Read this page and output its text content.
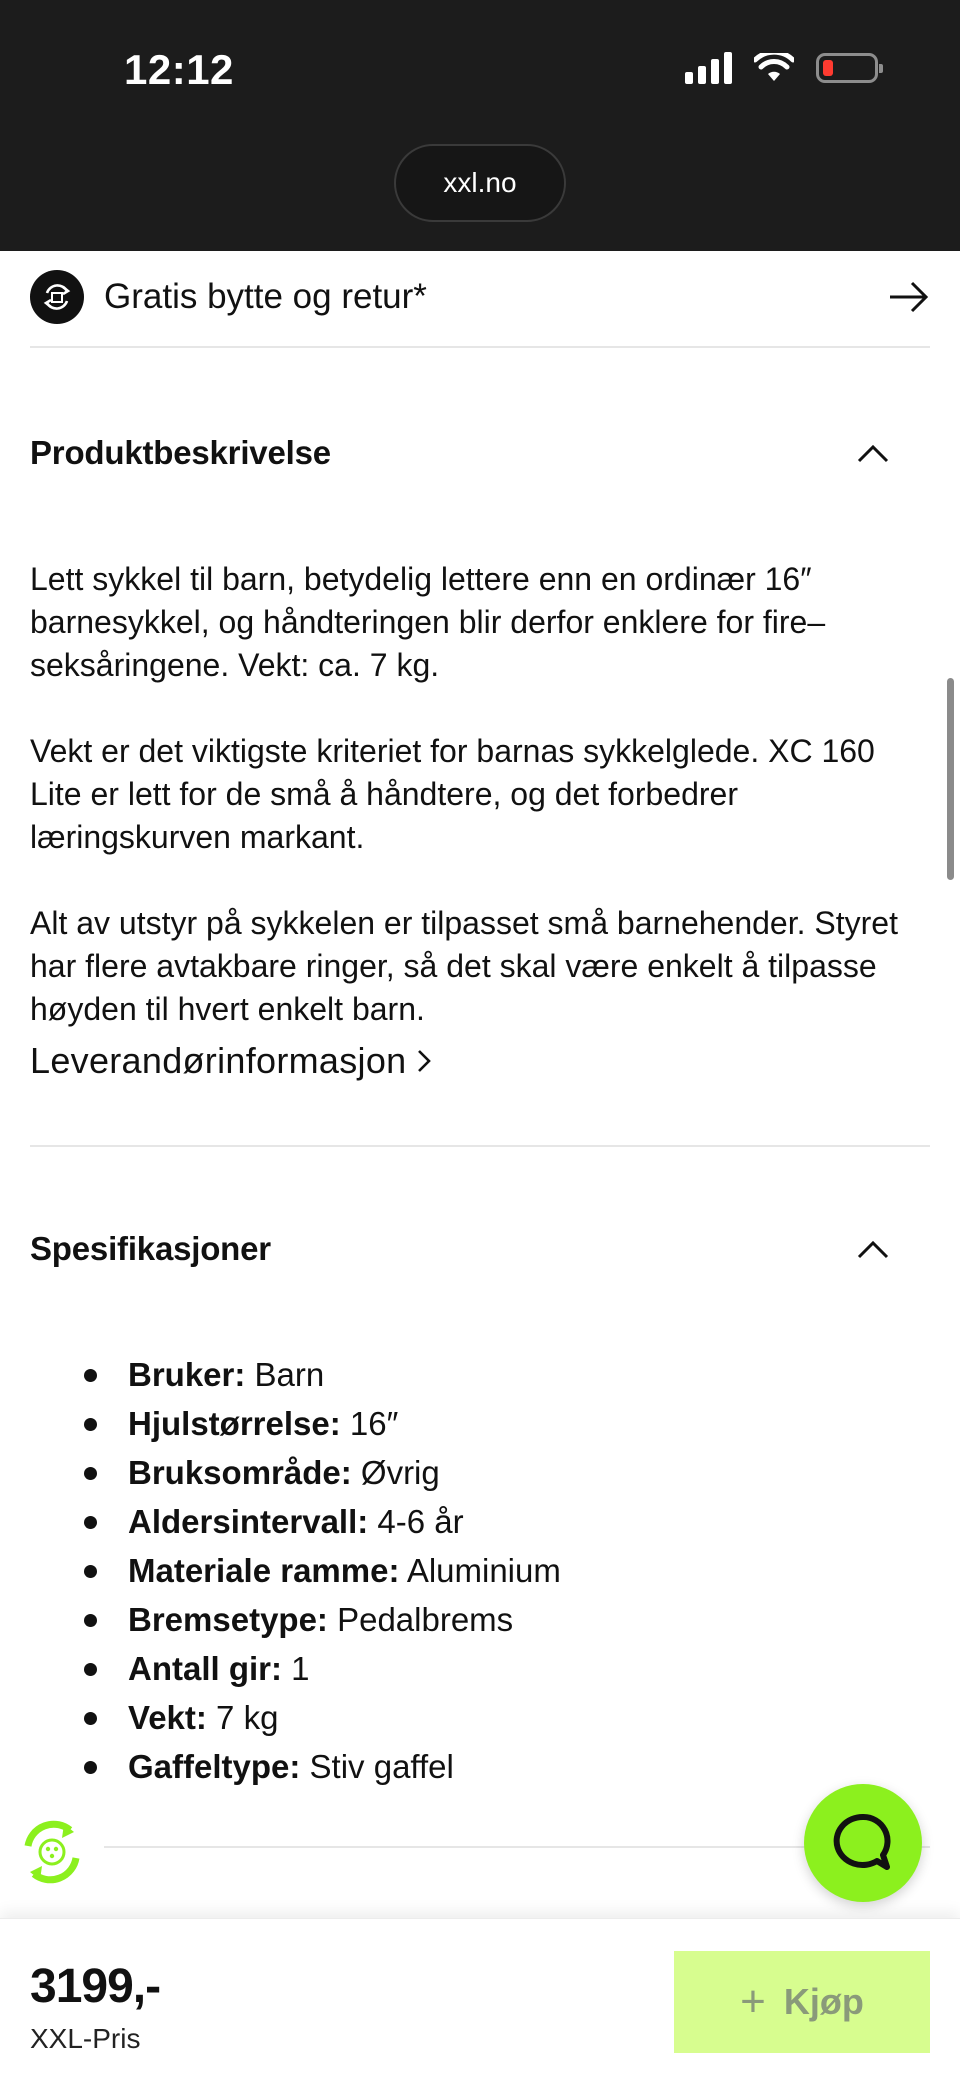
12:12
xxl.no
Gratis bytte og retur*
Produktbeskrivelse

Lett sykkel til barn, betydelig lettere enn en ordinær 16″ barnesykkel, og håndteringen blir derfor enklere for fire–seksåringene. Vekt: ca. 7 kg.

Vekt er det viktigste kriteriet for barnas sykkelglede. XC 160 Lite er lett for de små å håndtere, og det forbedrer læringskurven markant.

Alt av utstyr på sykkelen er tilpasset små barnehender. Styret har flere avtakbare ringer, så det skal være enkelt å tilpasse høyden til hvert enkelt barn.

Leverandørinformasjon
Spesifikasjoner
Bruker: Barn
Hjulstørrelse: 16″
Bruksområde: Øvrig
Aldersintervall: 4-6 år
Materiale ramme: Aluminium
Bremsetype: Pedalbrems
Antall gir: 1
Vekt: 7 kg
Gaffeltype: Stiv gaffel
3199,-
XXL-Pris
+ Kjøp
